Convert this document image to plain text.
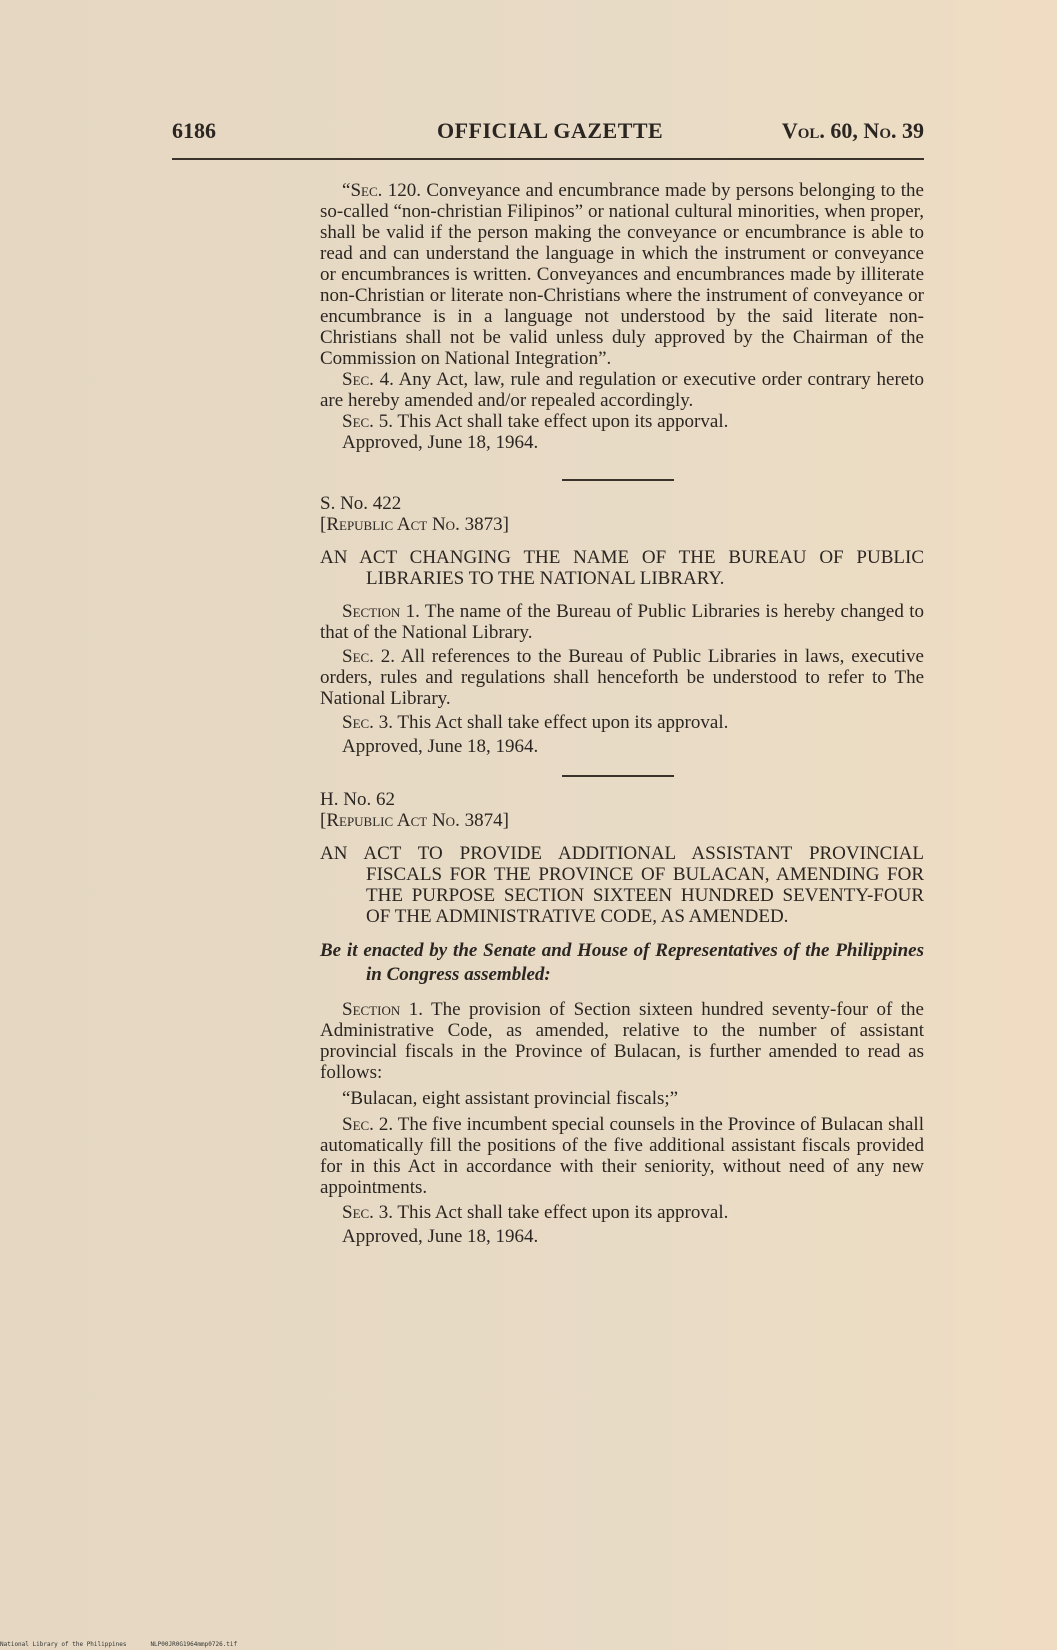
6186	OFFICIAL GAZETTE	Vol. 60, No. 39

“Sec. 120. Conveyance and encumbrance made by persons belonging to the so-called “non-christian Filipinos” or national cultural minorities, when proper, shall be valid if the person making the conveyance or encumbrance is able to read and can understand the language in which the instrument or conveyance or encumbrances is written. Conveyances and encumbrances made by illiterate non-Christian or literate non-Christians where the instrument of conveyance or encumbrance is in a language not understood by the said literate non-Christians shall not be valid unless duly approved by the Chairman of the Commission on National Integration”.

Sec. 4. Any Act, law, rule and regulation or executive order contrary hereto are hereby amended and/or repealed accordingly.

Sec. 5. This Act shall take effect upon its apporval.

Approved, June 18, 1964.

S. No. 422

[Republic Act No. 3873]

AN ACT CHANGING THE NAME OF THE BUREAU OF PUBLIC LIBRARIES TO THE NATIONAL LIBRARY.

Section 1. The name of the Bureau of Public Libraries is hereby changed to that of the National Library.

Sec. 2. All references to the Bureau of Public Libraries in laws, executive orders, rules and regulations shall henceforth be understood to refer to The National Library.

Sec. 3. This Act shall take effect upon its approval.

Approved, June 18, 1964.

H. No. 62

[Republic Act No. 3874]

AN ACT TO PROVIDE ADDITIONAL ASSISTANT PROVINCIAL FISCALS FOR THE PROVINCE OF BULACAN, AMENDING FOR THE PURPOSE SECTION SIXTEEN HUNDRED SEVENTY-FOUR OF THE ADMINISTRATIVE CODE, AS AMENDED.

Be it enacted by the Senate and House of Representatives of the Philippines in Congress assembled:

Section 1. The provision of Section sixteen hundred seventy-four of the Administrative Code, as amended, relative to the number of assistant provincial fiscals in the Province of Bulacan, is further amended to read as follows:

“Bulacan, eight assistant provincial fiscals;”

Sec. 2. The five incumbent special counsels in the Province of Bulacan shall automatically fill the positions of the five additional assistant fiscals provided for in this Act in accordance with their seniority, without need of any new appointments.

Sec. 3. This Act shall take effect upon its approval.

Approved, June 18, 1964.

National Library of the Philippines	NLP00JR0G1964mmp0726.tif
